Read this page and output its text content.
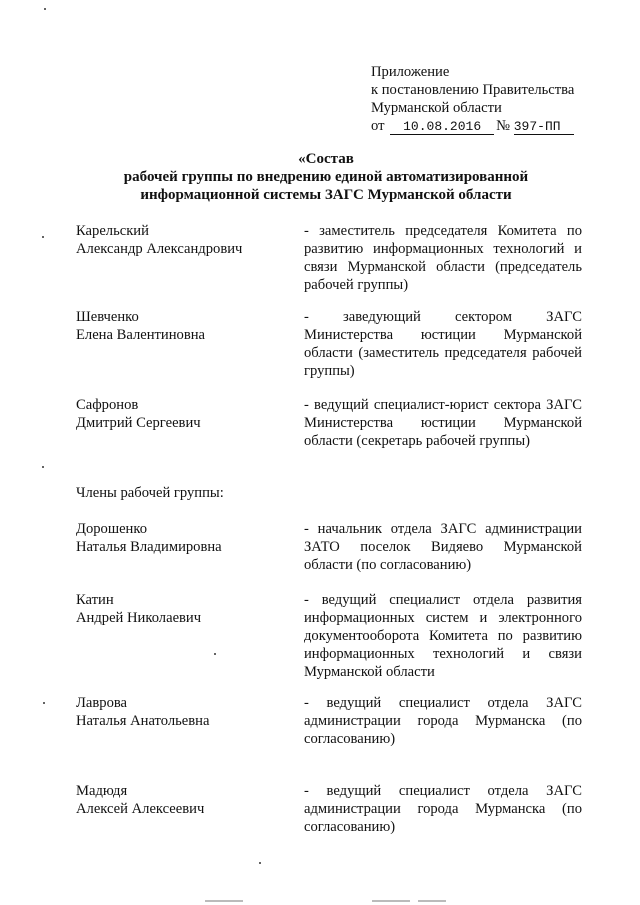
Приложение
к постановлению Правительства
Мурманской области
от 10.08.2016 № 397-ПП
«Состав
рабочей группы по внедрению единой автоматизированной
информационной системы ЗАГС Мурманской области
Карельский
Александр Александрович
- заместитель председателя Комитета по развитию информационных технологий и связи Мурманской области (председатель рабочей группы)
Шевченко
Елена Валентиновна
- заведующий сектором ЗАГС Министерства юстиции Мурманской области (заместитель председателя рабочей группы)
Сафронов
Дмитрий Сергеевич
- ведущий специалист-юрист сектора ЗАГС Министерства юстиции Мурманской области (секретарь рабочей группы)
Члены рабочей группы:
Дорошенко
Наталья Владимировна
- начальник отдела ЗАГС администрации ЗАТО поселок Видяево Мурманской области (по согласованию)
Катин
Андрей Николаевич
- ведущий специалист отдела развития информационных систем и электронного документооборота Комитета по развитию информационных технологий и связи Мурманской области
Лаврова
Наталья Анатольевна
- ведущий специалист отдела ЗАГС администрации города Мурманска (по согласованию)
Мадюдя
Алексей Алексеевич
- ведущий специалист отдела ЗАГС администрации города Мурманска (по согласованию)
